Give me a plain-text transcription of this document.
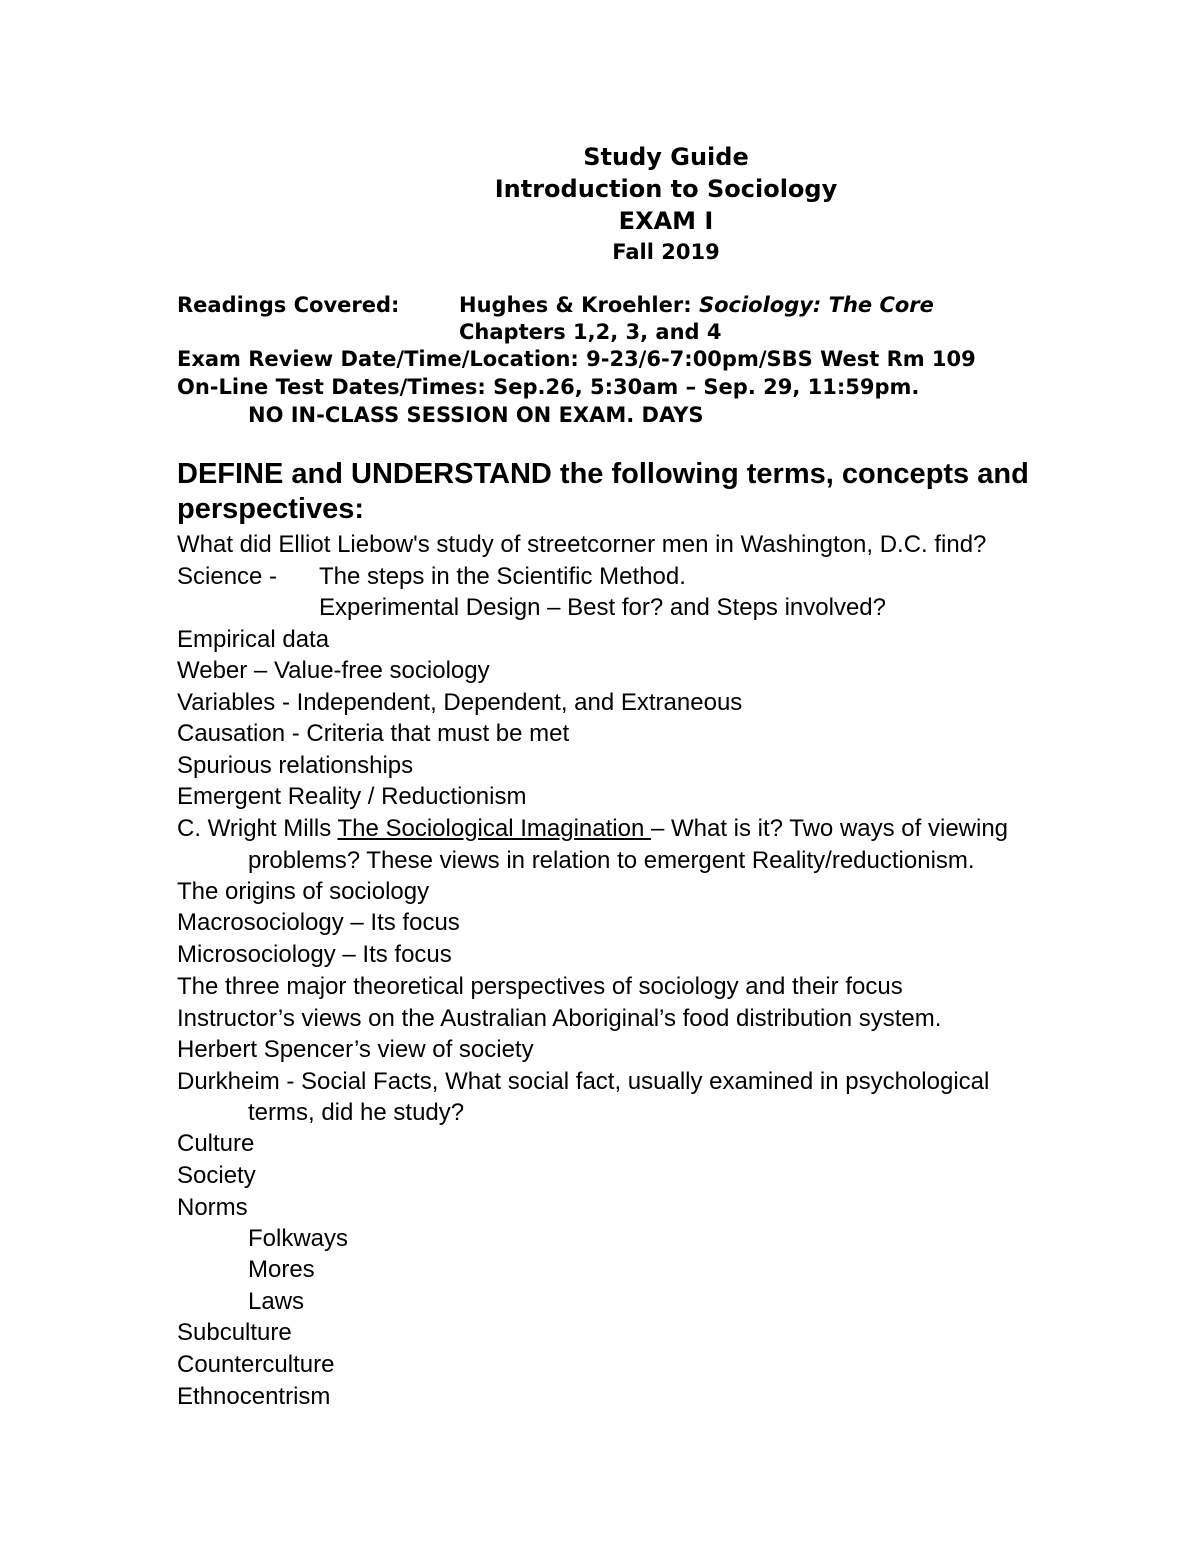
Study Guide
Introduction to Sociology
EXAM I
Fall 2019
Readings Covered:	Hughes & Kroehler: Sociology: The Core
Chapters 1,2, 3, and 4
Exam Review Date/Time/Location: 9-23/6-7:00pm/SBS West Rm 109
On-Line Test Dates/Times: Sep.26, 5:30am – Sep. 29, 11:59pm.
NO IN-CLASS SESSION ON EXAM. DAYS
DEFINE and UNDERSTAND the following terms, concepts and perspectives:
What did Elliot Liebow's study of streetcorner men in Washington, D.C. find?
Science - The steps in the Scientific Method.
Experimental Design – Best for? and Steps involved?
Empirical data
Weber – Value-free sociology
Variables - Independent, Dependent, and Extraneous
Causation - Criteria that must be met
Spurious relationships
Emergent Reality / Reductionism
C. Wright Mills The Sociological Imagination – What is it? Two ways of viewing
problems? These views in relation to emergent Reality/reductionism.
The origins of sociology
Macrosociology – Its focus
Microsociology – Its focus
The three major theoretical perspectives of sociology and their focus
Instructor’s views on the Australian Aboriginal’s food distribution system.
Herbert Spencer’s view of society
Durkheim - Social Facts, What social fact, usually examined in psychological
terms, did he study?
Culture
Society
Norms
Folkways
Mores
Laws
Subculture
Counterculture
Ethnocentrism
